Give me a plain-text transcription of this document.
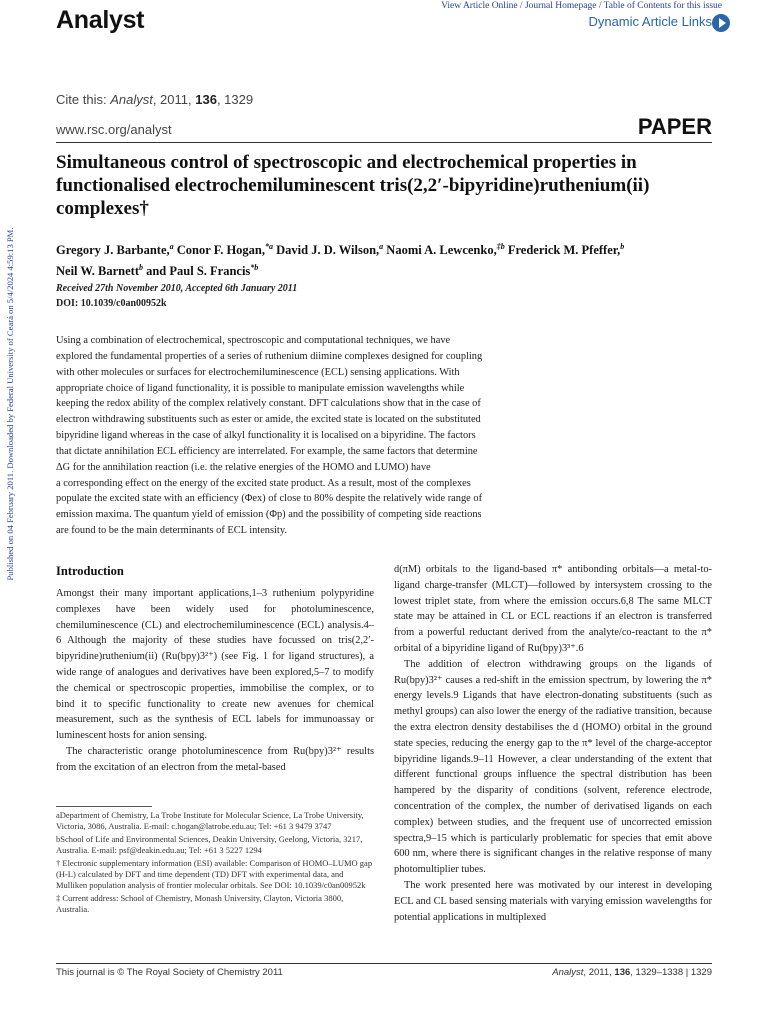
Published on 04 February 2011. Downloaded by Federal University of Ceará on 5/4/2024 4:59:13 PM.
Analyst	View Article Online / Journal Homepage / Table of Contents for this issue
Dynamic Article Links
Cite this: Analyst, 2011, 136, 1329
www.rsc.org/analyst	PAPER
Simultaneous control of spectroscopic and electrochemical properties in functionalised electrochemiluminescent tris(2,2′-bipyridine)ruthenium(ii) complexes†
Gregory J. Barbante,$^a$ Conor F. Hogan,$^{*a}$ David J. D. Wilson,$^a$ Naomi A. Lewcenko,$^{\ddagger b}$ Frederick M. Pfeffer,$^b$
Neil W. Barnett$^b$ and Paul S. Francis$^{*b}$
Received 27th November 2010, Accepted 6th January 2011
DOI: 10.1039/c0an00952k

Using a combination of electrochemical, spectroscopic and computational techniques, we have

explored the fundamental properties of a series of ruthenium diimine complexes designed for coupling

with other molecules or surfaces for electrochemiluminescence (ECL) sensing applications. With

appropriate choice of ligand functionality, it is possible to manipulate emission wavelengths while

keeping the redox ability of the complex relatively constant. DFT calculations show that in the case of

electron withdrawing substituents such as ester or amide, the excited state is located on the substituted

bipyridine ligand whereas in the case of alkyl functionality it is localised on a bipyridine. The factors

that dictate annihilation ECL efficiency are interrelated. For example, the same factors that determine

ΔG for the annihilation reaction (i.e. the relative energies of the HOMO and LUMO) have

a corresponding effect on the energy of the excited state product. As a result, most of the complexes

populate the excited state with an efficiency (Φex) of close to 80% despite the relatively wide range of

emission maxima. The quantum yield of emission (Φp) and the possibility of competing side reactions

are found to be the main determinants of ECL intensity.

Introduction

Amongst their many important applications,1–3 ruthenium polypyridine complexes have been widely used for photoluminescence, chemiluminescence (CL) and electrochemiluminescence (ECL) analysis.4–6 Although the majority of these studies have focussed on tris(2,2′-bipyridine)ruthenium(ii) (Ru(bpy)3²⁺) (see Fig. 1 for ligand structures), a wide range of analogues and derivatives have been explored,5–7 to modify the chemical or spectroscopic properties, immobilise the complex, or to bind it to specific functionality to create new avenues for chemical measurement, such as the synthesis of ECL labels for immunoassay or luminescent hosts for anion sensing.

The characteristic orange photoluminescence from Ru(bpy)3²⁺ results from the excitation of an electron from the metal-based

d(πM) orbitals to the ligand-based π* antibonding orbitals—a metal-to-ligand charge-transfer (MLCT)—followed by intersystem crossing to the lowest triplet state, from where the emission occurs.6,8 The same MLCT state may be attained in CL or ECL reactions if an electron is transferred from a powerful reductant derived from the analyte/co-reactant to the π* orbital of a bipyridine ligand of Ru(bpy)3³⁺.6

The addition of electron withdrawing groups on the ligands of Ru(bpy)3²⁺ causes a red-shift in the emission spectrum, by lowering the π* energy levels.9 Ligands that have electron-donating substituents (such as methyl groups) can also lower the energy of the radiative transition, because the extra electron density destabilises the d (HOMO) orbital in the ground state species, reducing the energy gap to the π* level of the charge-acceptor bipyridine ligands.9–11 However, a clear understanding of the extent that different functional groups influence the spectral distribution has been hampered by the disparity of conditions (solvent, reference electrode, concentration of the complex, the number of derivatised ligands on each complex) between studies, and the frequent use of uncorrected emission spectra,9–15 which is particularly problematic for species that emit above 600 nm, where there is significant changes in the relative response of many photomultiplier tubes.

The work presented here was motivated by our interest in developing ECL and CL based sensing materials with varying emission wavelengths for potential applications in multiplexed

aDepartment of Chemistry, La Trobe Institute for Molecular Science, La Trobe University, Victoria, 3086, Australia. E-mail: c.hogan@latrobe.edu.au; Tel: +61 3 9479 3747

bSchool of Life and Environmental Sciences, Deakin University, Geelong, Victoria, 3217, Australia. E-mail: psf@deakin.edu.au; Tel: +61 3 5227 1294

† Electronic supplementary information (ESI) available: Comparison of HOMO–LUMO gap (H-L) calculated by DFT and time dependent (TD) DFT with experimental data, and Mulliken population analysis of frontier molecular orbitals. See DOI: 10.1039/c0an00952k

‡ Current address: School of Chemistry, Monash University, Clayton, Victoria 3800, Australia.

This journal is © The Royal Society of Chemistry 2011	Analyst, 2011, 136, 1329–1338 | 1329
